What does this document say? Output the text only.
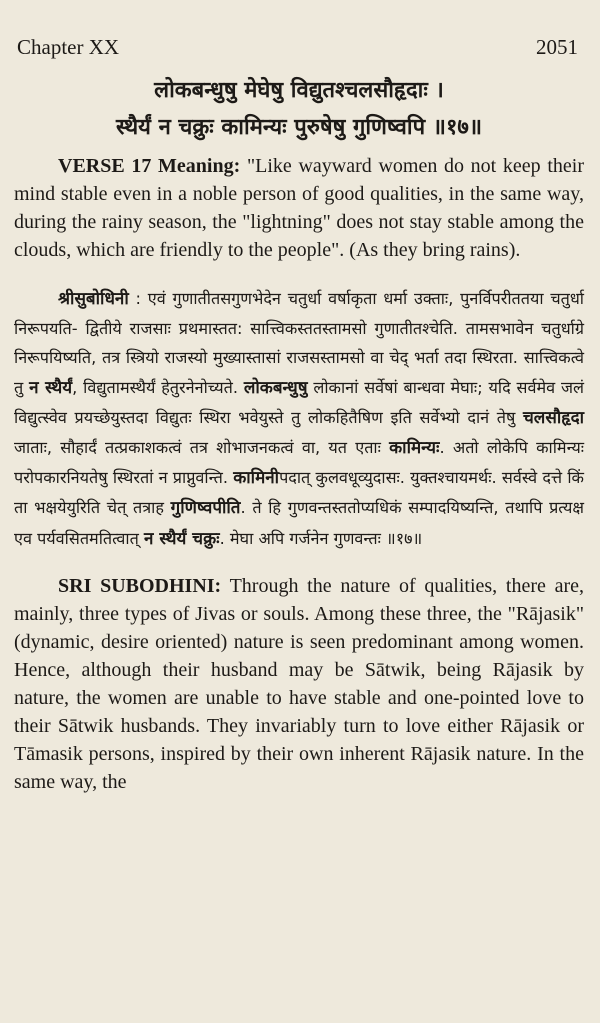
Chapter XX	2051
लोकबन्धुषु मेघेषु विद्युतश्चलसौहृदाः ।
स्थैर्यं न चक्रुः कामिन्यः पुरुषेषु गुणिष्वपि ॥१७॥

VERSE 17 Meaning: "Like wayward women do not keep their mind stable even in a noble person of good qualities, in the same way, during the rainy season, the "lightning" does not stay stable among the clouds, which are friendly to the people". (As they bring rains).

श्रीसुबोधिनी : एवं गुणातीतसगुणभेदेन चतुर्धा वर्षाकृता धर्मा उक्ताः, पुनर्विपरीततया चतुर्धा निरूपयति- द्वितीये राजसाः प्रथमास्तत: सात्त्विकस्ततस्तामसो गुणातीतश्चेति. तामसभावेन चतुर्धाग्रे निरूपयिष्यति, तत्र स्त्रियो राजस्यो मुख्यास्तासां राजसस्तामसो वा चेद् भर्ता तदा स्थिरता. सात्त्विकत्वे तु न स्थैर्यं, विद्युतामस्थैर्यं हेतुरनेनोच्यते. लोकबन्धुषु लोकानां सर्वेषां बान्धवा मेघाः; यदि सर्वमेव जलं विद्युत्स्वेव प्रयच्छेयुस्तदा विद्युतः स्थिरा भवेयुस्ते तु लोकहितैषिण इति सर्वेभ्यो दानं तेषु चलसौहृदा जाताः, सौहार्दं तत्प्रकाशकत्वं तत्र शोभाजनकत्वं वा, यत एताः कामिन्यः. अतो लोकेपि कामिन्यः परोपकारनियतेषु स्थिरतां न प्राप्नुवन्ति. कामिनीपदात् कुलवधूव्युदासः. युक्तश्चायमर्थः. सर्वस्वे दत्ते किं ता भक्षयेयुरिति चेत् तत्राह गुणिष्वपीति. ते हि गुणवन्तस्ततोप्यधिकं सम्पादयिष्यन्ति, तथापि प्रत्यक्ष एव पर्यवसितमतित्वात् न स्थैर्यं चक्रुः. मेघा अपि गर्जनेन गुणवन्तः ॥१७॥

SRI SUBODHINI: Through the nature of qualities, there are, mainly, three types of Jivas or souls. Among these three, the "Rājasik" (dynamic, desire oriented) nature is seen predominant among women. Hence, although their husband may be Sātwik, being Rājasik by nature, the women are unable to have stable and one-pointed love to their Sātwik husbands. They invariably turn to love either Rājasik or Tāmasik persons, inspired by their own inherent Rājasik nature. In the same way, the
